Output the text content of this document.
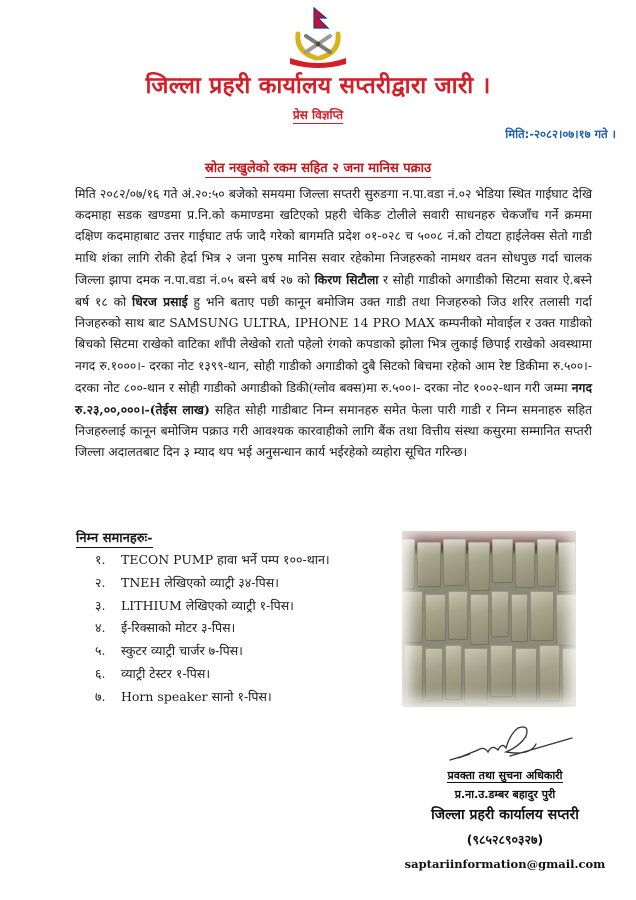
जिल्ला प्रहरी कार्यालय सप्तरीद्वारा जारी ।
प्रेस विज्ञप्ति
मिति:-२०८२।०७।१७ गते ।
स्रोत नखुलेको रकम सहित २ जना मानिस पक्राउ
मिति २०८२/०७/१६ गते अं.२०:५० बजेको समयमा जिल्ला सप्तरी सुरुङगा न.पा.वडा नं.०२ भेडिया स्थित गाईघाट देखि कदमाहा सडक खण्डमा प्र.नि.को कमाण्डमा खटिएको प्रहरी चेकिङ टोलीले सवारी साधनहरु चेकजाँच गर्ने क्रममा दक्षिण कदमाहाबाट उत्तर गाईघाट तर्फ जादै गरेको बागमति प्रदेश ०१-०२८ च ५००८ नं.को टोयटा हाईलेक्स सेतो गाडी माथि शंका लागि रोकी हेर्दा भित्र २ जना पुरुष मानिस सवार रहेकोमा निजहरुको नामथर वतन सोधपुछ गर्दा चालक जिल्ला झापा दमक न.पा.वडा नं.०५ बस्ने बर्ष २७ को किरण सिटौला र सोही गाडीको अगाडीको सिटमा सवार ऐ.बस्ने बर्ष १८ को धिरज प्रसाई हु भनि बताए पछी कानून बमोजिम उक्त गाडी तथा निजहरुको जिउ शरिर तलासी गर्दा निजहरुको साथ बाट SAMSUNG ULTRA, IPHONE 14 PRO MAX कम्पनीको मोवाईल र उक्त गाडीको बिचको सिटमा राखेको वाटिका शाँपी लेखेको रातो पहेलो रंगको कपडाको झोला भित्र लुकाई छिपाई राखेको अवस्थामा नगद रु.१०००।- दरका नोट १३९९-थान, सोही गाडीको अगाडीको दुबै सिटको बिचमा रहेको आम रेष्ट डिकीमा रु.५००।-दरका नोट ८००-थान र सोही गाडीको अगाडीको डिकी(ग्लोव बक्स)मा रु.५००।- दरका नोट १००२-थान गरी जम्मा नगद रु.२३,००,०००।-(तेईस लाख) सहित सोही गाडीबाट निम्न समानहरु समेत फेला पारी गाडी र निम्न समनाहरु सहित निजहरुलाई कानून बमोजिम पक्राउ गरी आवश्यक कारवाहीको लागि बैंक तथा वित्तीय संस्था कसुरमा सम्मानित सप्तरी जिल्ला अदालतबाट दिन ३ म्याद थप भई अनुसन्धान कार्य भईरहेको व्यहोरा सूचित गरिन्छ।
निम्न समानहरुः-
१.	TECON PUMP हावा भर्ने पम्प १००-थान।
२.	TNEH लेखिएको व्याट्री ३४-पिस।
३.	LITHIUM लेखिएको व्याट्री १-पिस।
४.	ई-रिक्साको मोटर ३-पिस।
५.	स्कुटर व्याट्री चार्जर ७-पिस।
६.	व्याट्री टेस्टर १-पिस।
७.	Horn speaker सानो १-पिस।
प्रवक्ता तथा सुचना अधिकारी
प्र.ना.उ.डम्बर बहादुर पुरी
जिल्ला प्रहरी कार्यालय सप्तरी
(९८५२८९०३२७)
saptariinformation@gmail.com
